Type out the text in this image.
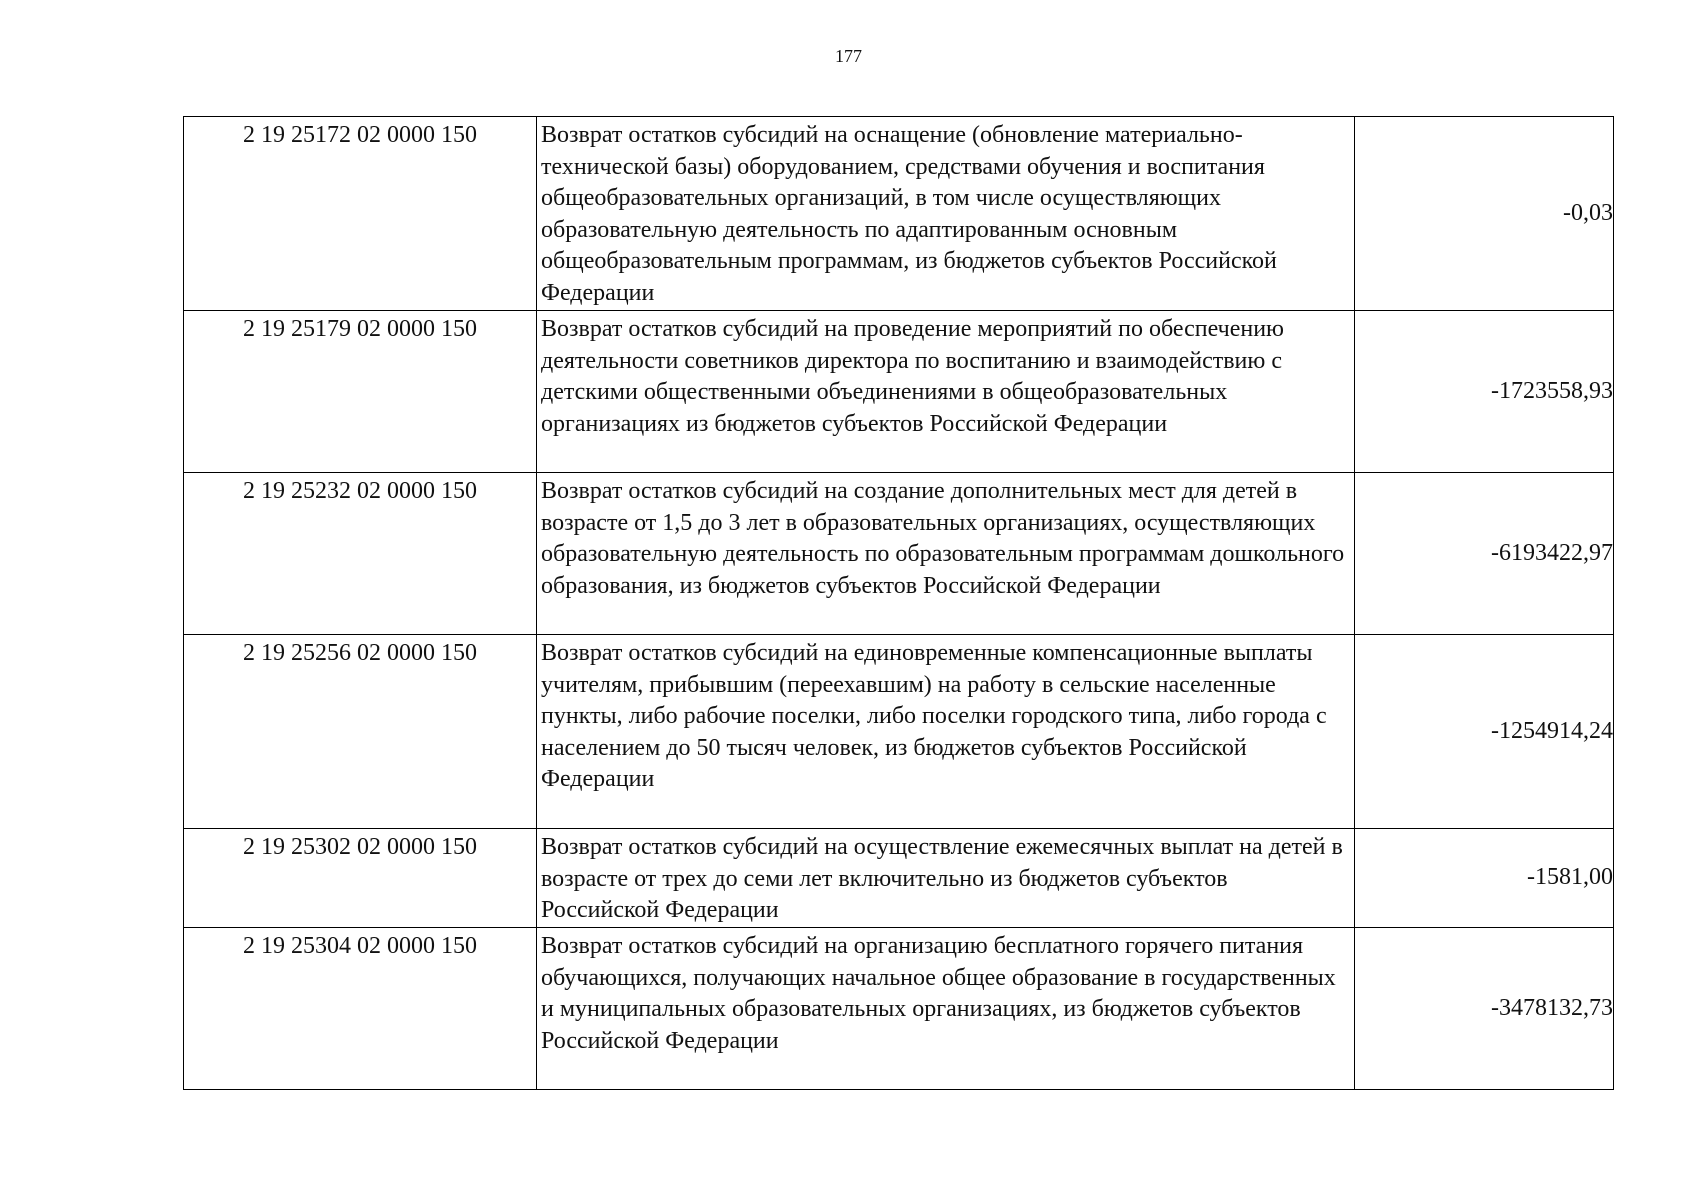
177
2 19 25172 02 0000 150	Возврат остатков субсидий на оснащение (обновление материально-технической базы) оборудованием, средствами обучения и воспитания общеобразовательных организаций, в том числе осуществляющих образовательную деятельность по адаптированным основным общеобразовательным программам, из бюджетов субъектов Российской Федерации	-0,03
2 19 25179 02 0000 150	Возврат остатков субсидий на проведение мероприятий по обеспечению деятельности советников директора по воспитанию и взаимодействию с детскими общественными объединениями в общеобразовательных организациях из бюджетов субъектов Российской Федерации	-1723558,93
2 19 25232 02 0000 150	Возврат остатков субсидий на создание дополнительных мест для детей в возрасте от 1,5 до 3 лет в образовательных организациях, осуществляющих образовательную деятельность по образовательным программам дошкольного образования, из бюджетов субъектов Российской Федерации	-6193422,97
2 19 25256 02 0000 150	Возврат остатков субсидий на единовременные компенсационные выплаты учителям, прибывшим (переехавшим) на работу в сельские населенные пункты, либо рабочие поселки, либо поселки городского типа, либо города с населением до 50 тысяч человек, из бюджетов субъектов Российской Федерации	-1254914,24
2 19 25302 02 0000 150	Возврат остатков субсидий на осуществление ежемесячных выплат на детей в возрасте от трех до семи лет включительно из бюджетов субъектов Российской Федерации	-1581,00
2 19 25304 02 0000 150	Возврат остатков субсидий на организацию бесплатного горячего питания обучающихся, получающих начальное общее образование в государственных и муниципальных образовательных организациях, из бюджетов субъектов Российской Федерации	-3478132,73
